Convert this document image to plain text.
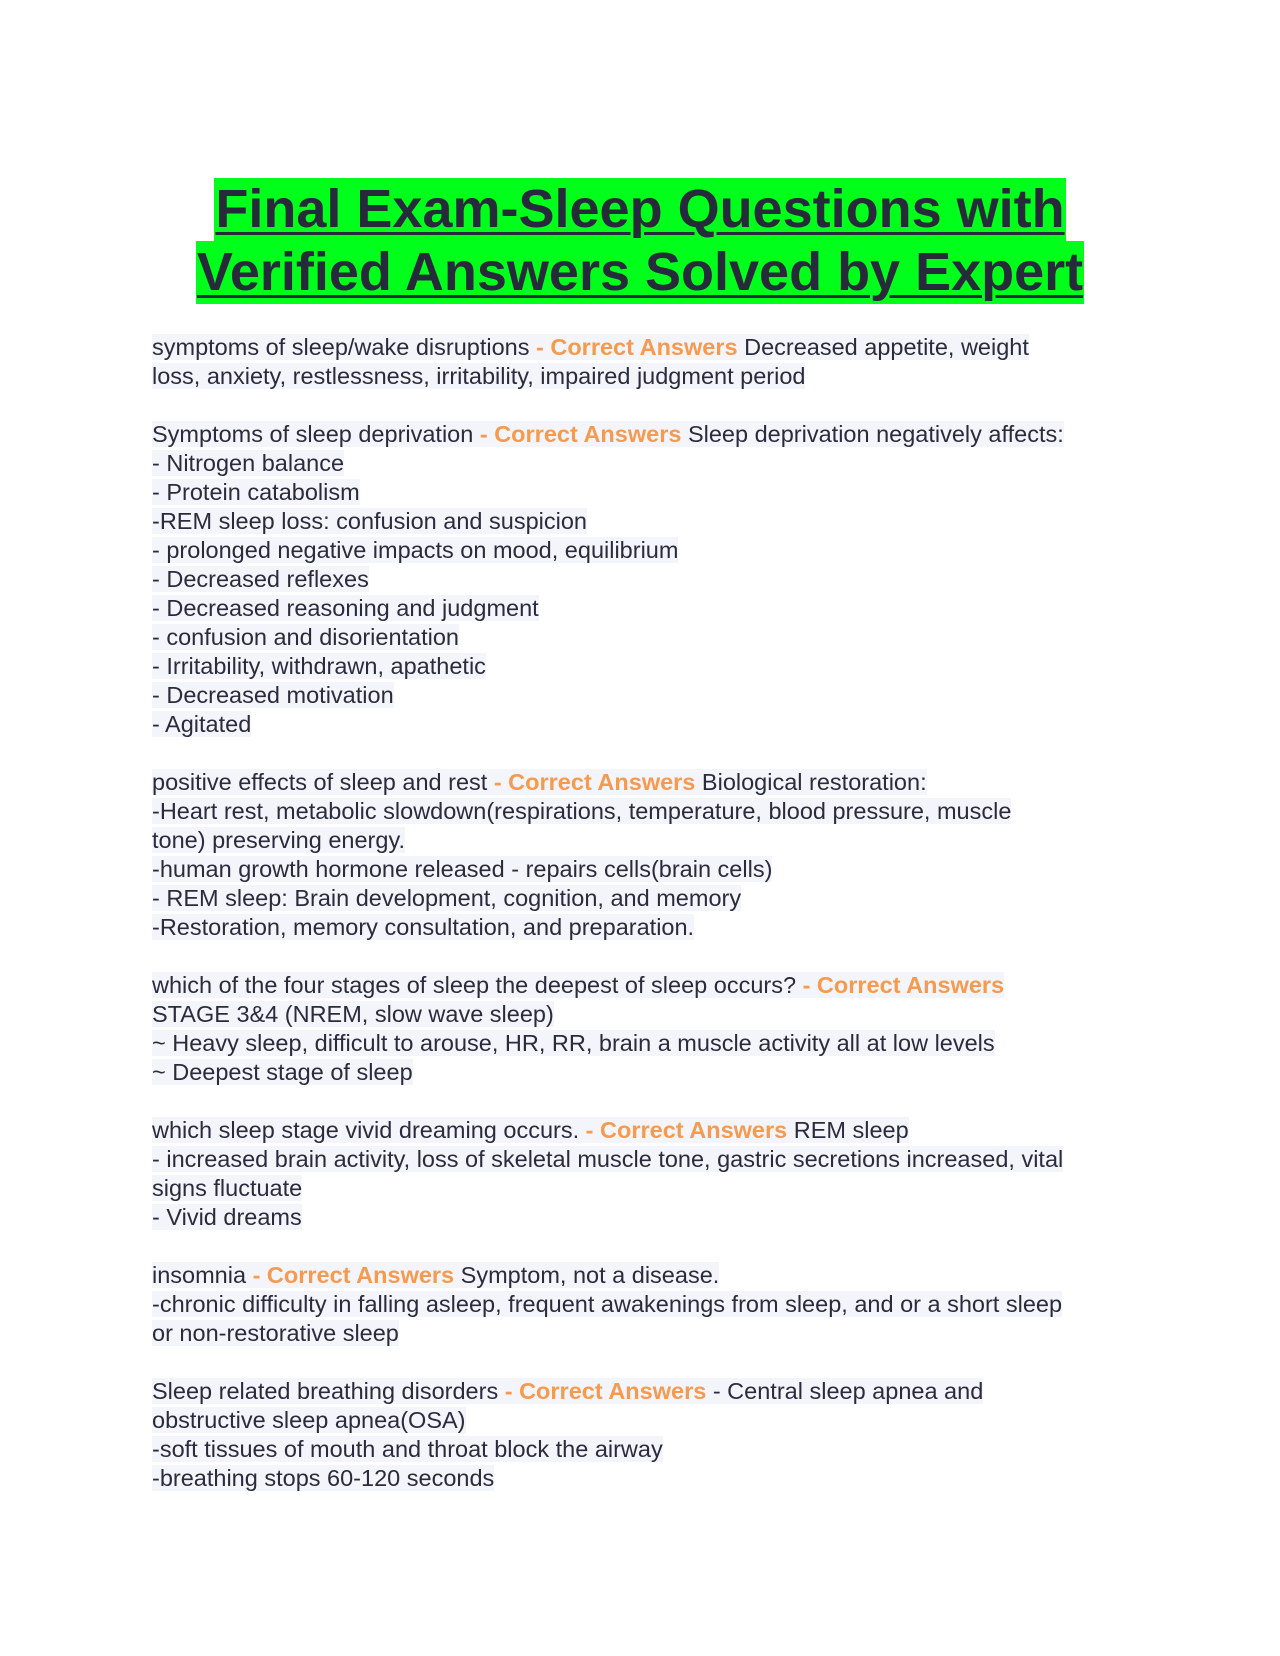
Final Exam-Sleep Questions with
Verified Answers Solved by Expert
symptoms of sleep/wake disruptions - Correct Answers Decreased appetite, weight
loss, anxiety, restlessness, irritability, impaired judgment period
Symptoms of sleep deprivation - Correct Answers Sleep deprivation negatively affects:
- Nitrogen balance
- Protein catabolism
-REM sleep loss: confusion and suspicion
- prolonged negative impacts on mood, equilibrium
- Decreased reflexes
- Decreased reasoning and judgment
- confusion and disorientation
- Irritability, withdrawn, apathetic
- Decreased motivation
- Agitated
positive effects of sleep and rest - Correct Answers Biological restoration:
-Heart rest, metabolic slowdown(respirations, temperature, blood pressure, muscle
tone) preserving energy.
-human growth hormone released - repairs cells(brain cells)
- REM sleep: Brain development, cognition, and memory
-Restoration, memory consultation, and preparation.
which of the four stages of sleep the deepest of sleep occurs? - Correct Answers
STAGE 3&4 (NREM, slow wave sleep)
~ Heavy sleep, difficult to arouse, HR, RR, brain a muscle activity all at low levels
~ Deepest stage of sleep
which sleep stage vivid dreaming occurs. - Correct Answers REM sleep
- increased brain activity, loss of skeletal muscle tone, gastric secretions increased, vital
signs fluctuate
- Vivid dreams
insomnia - Correct Answers Symptom, not a disease.
-chronic difficulty in falling asleep, frequent awakenings from sleep, and or a short sleep
or non-restorative sleep
Sleep related breathing disorders - Correct Answers - Central sleep apnea and
obstructive sleep apnea(OSA)
-soft tissues of mouth and throat block the airway
-breathing stops 60-120 seconds
